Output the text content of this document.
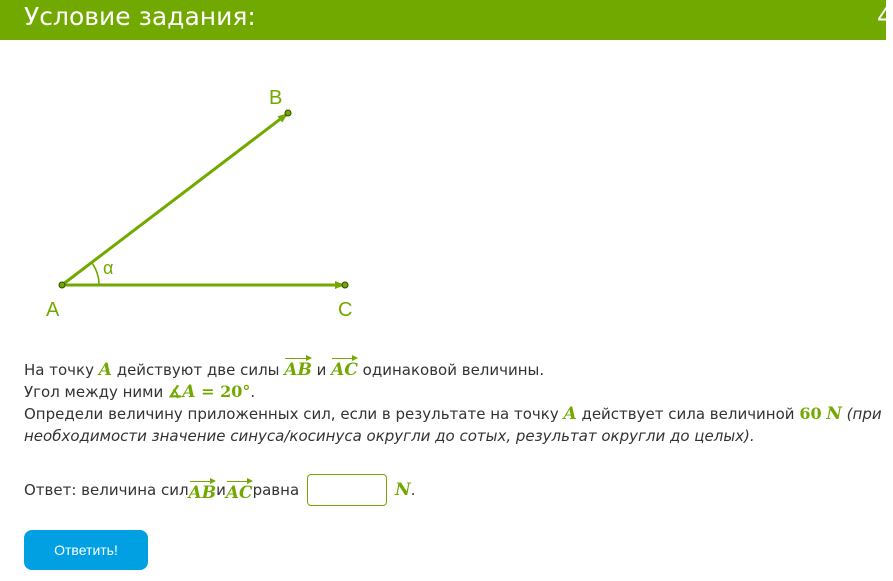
Условие задания:	4
A
B
C
α
На точку A действуют две силы AB и AC одинаковой величины.
Угол между ними ∡A = 20°.
Определи величину приложенных сил, если в результате на точку A действует сила величиной 60 N (при
необходимости значение синуса/косинуса округли до сотых, результат округли до целых).
Ответ: величина сил AB и AC равна	N .
Ответить!
